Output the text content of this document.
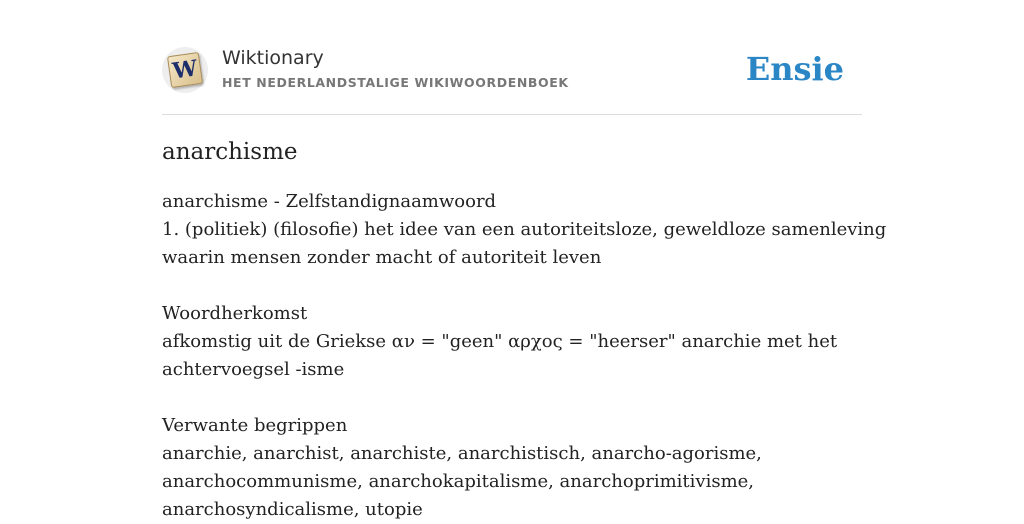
W Wiktionary
HET NEDERLANDSTALIGE WIKIWOORDENBOEK	Ensie
anarchisme
anarchisme - Zelfstandignaamwoord
1. (politiek) (filosofie) het idee van een autoriteitsloze, geweldloze samenleving
waarin mensen zonder macht of autoriteit leven
Woordherkomst
afkomstig uit de Griekse αν = "geen" αρχος = "heerser" anarchie met het
achtervoegsel -isme
Verwante begrippen
anarchie, anarchist, anarchiste, anarchistisch, anarcho-agorisme,
anarchocommunisme, anarchokapitalisme, anarchoprimitivisme,
anarchosyndicalisme, utopie
